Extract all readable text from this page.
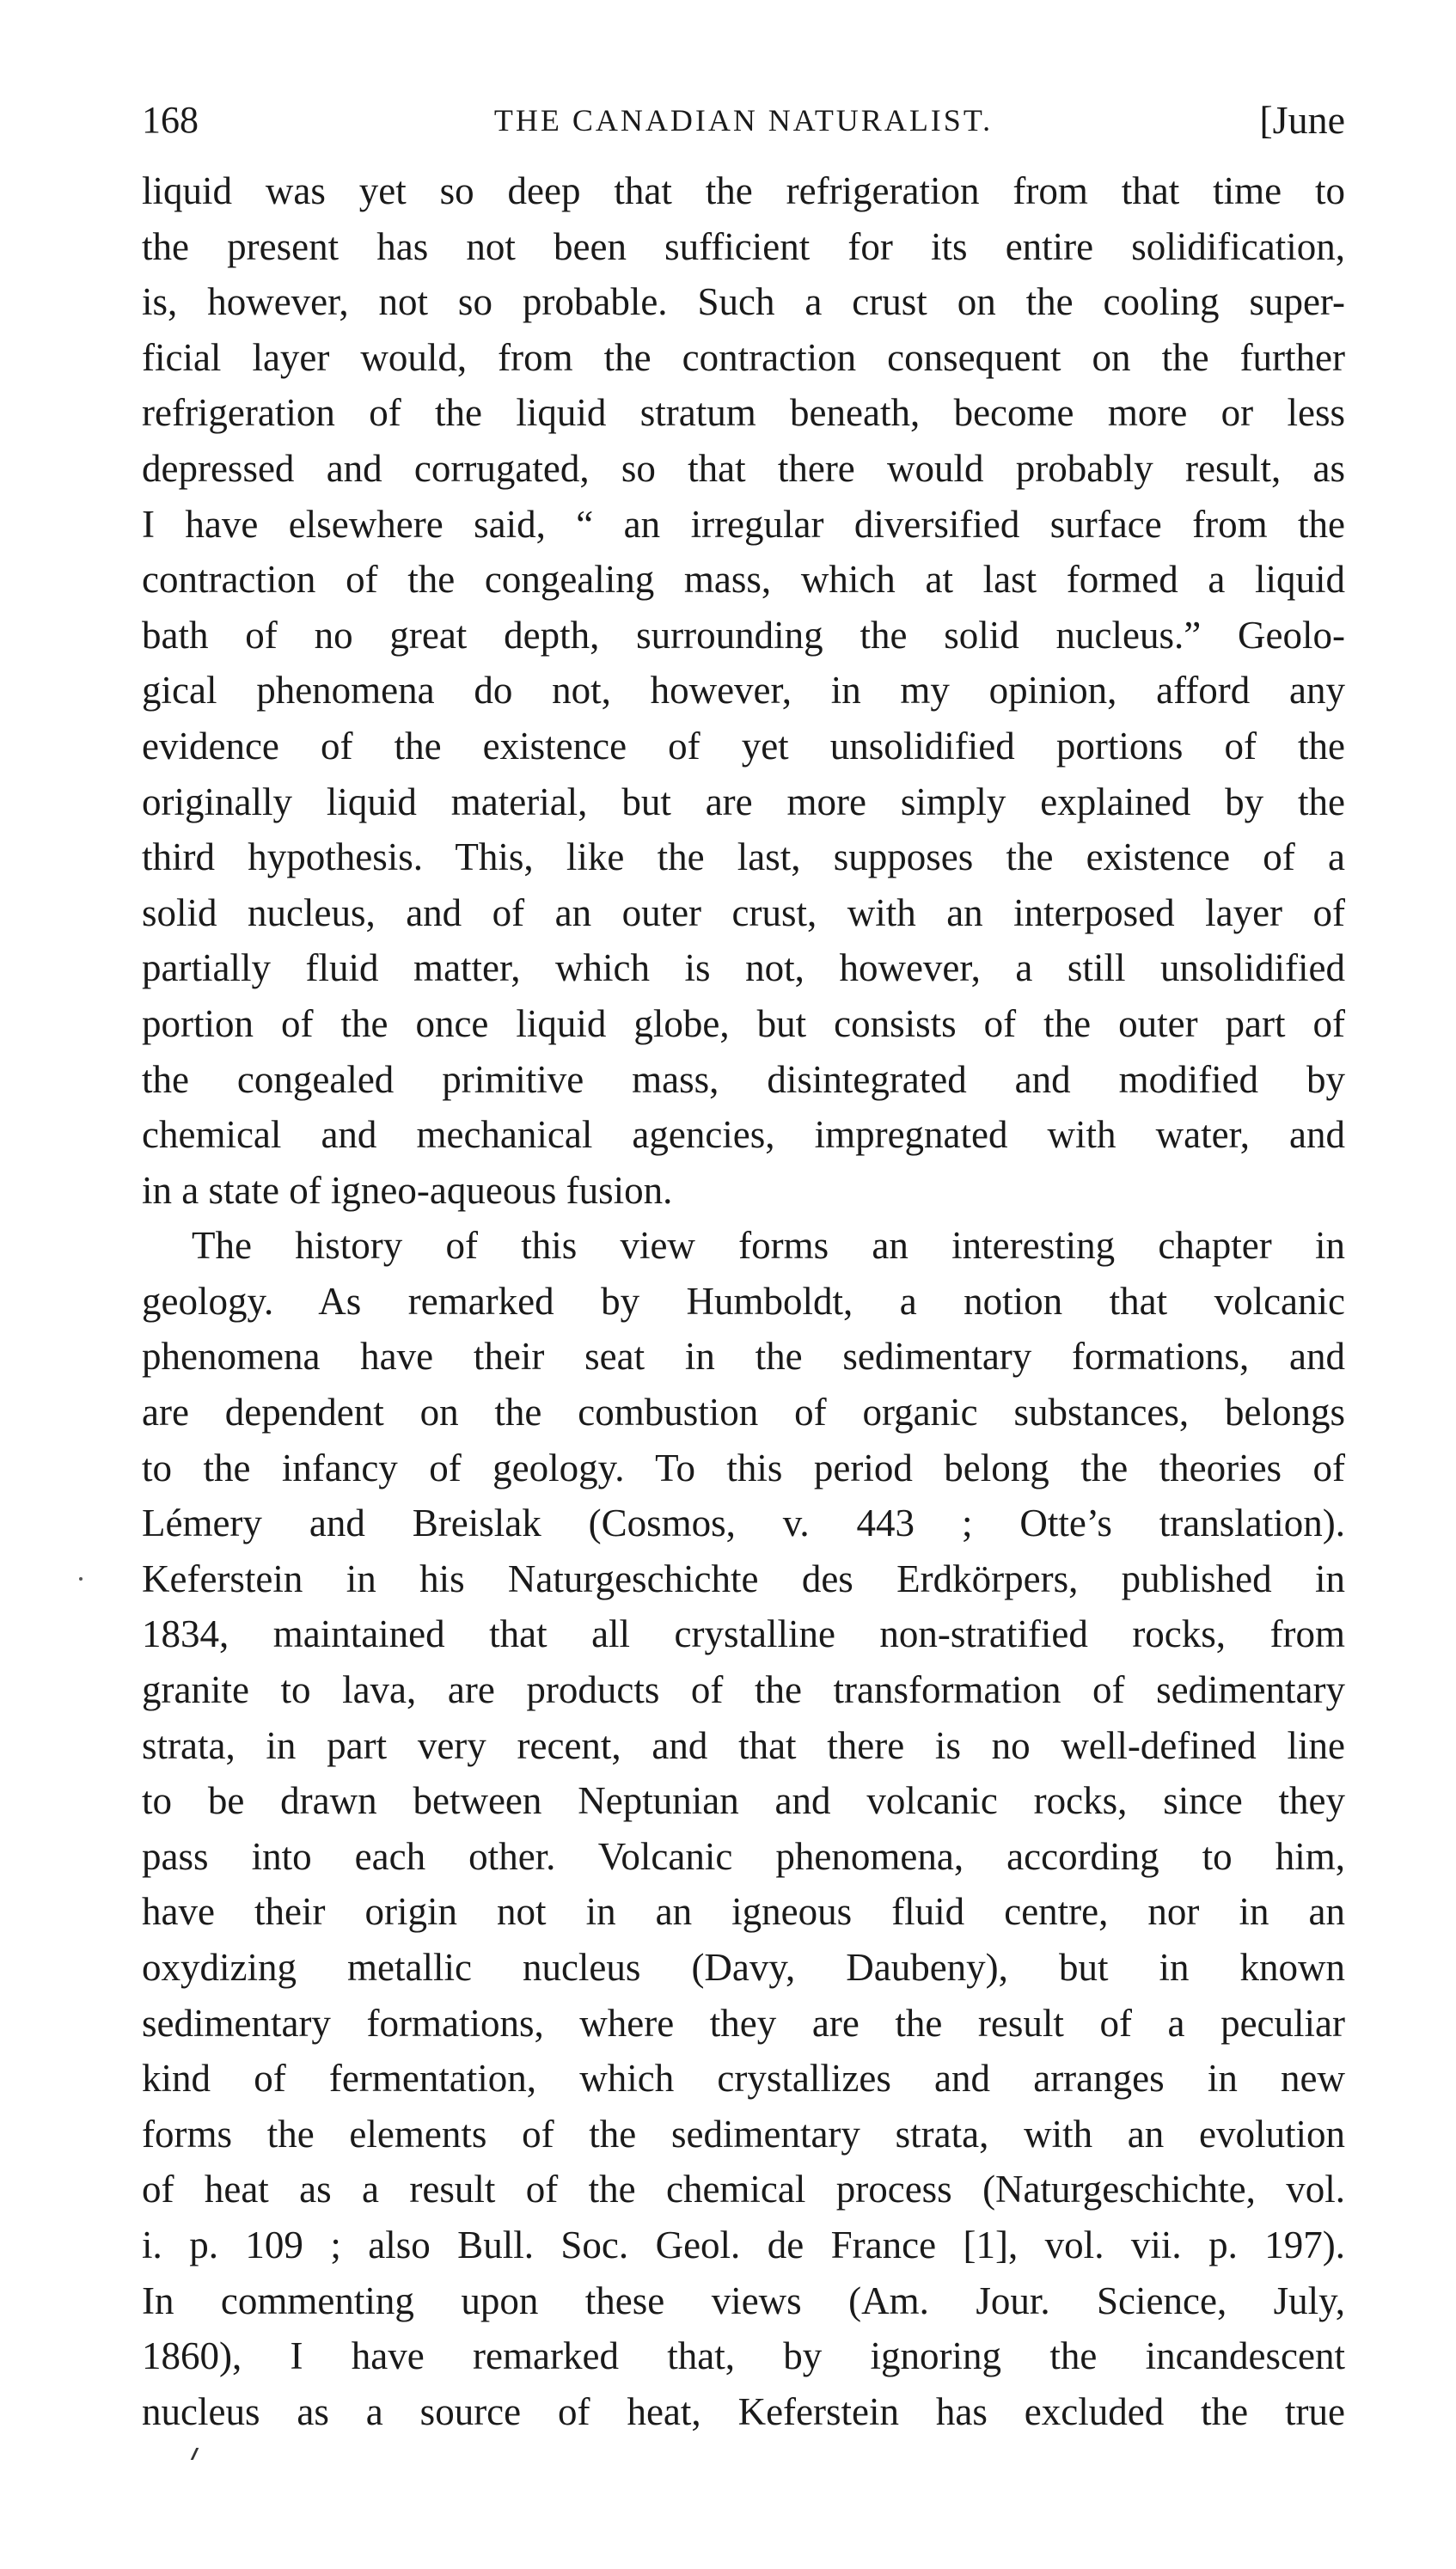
168	THE CANADIAN NATURALIST.	[June

liquid was yet so deep that the refrigeration from that time to
the present has not been sufficient for its entire solidification,
is, however, not so probable. Such a crust on the cooling super-
ficial layer would, from the contraction consequent on the further
refrigeration of the liquid stratum beneath, become more or less
depressed and corrugated, so that there would probably result, as
I have elsewhere said, “ an irregular diversified surface from the
contraction of the congealing mass, which at last formed a liquid
bath of no great depth, surrounding the solid nucleus.” Geolo-
gical phenomena do not, however, in my opinion, afford any
evidence of the existence of yet unsolidified portions of the
originally liquid material, but are more simply explained by the
third hypothesis. This, like the last, supposes the existence of a
solid nucleus, and of an outer crust, with an interposed layer of
partially fluid matter, which is not, however, a still unsolidified
portion of the once liquid globe, but consists of the outer part of
the congealed primitive mass, disintegrated and modified by
chemical and mechanical agencies, impregnated with water, and
in a state of igneo-aqueous fusion.

The history of this view forms an interesting chapter in
geology. As remarked by Humboldt, a notion that volcanic
phenomena have their seat in the sedimentary formations, and
are dependent on the combustion of organic substances, belongs
to the infancy of geology. To this period belong the theories of
Lémery and Breislak (Cosmos, v. 443 ; Otte’s translation).
Keferstein in his Naturgeschichte des Erdkörpers, published in
1834, maintained that all crystalline non-stratified rocks, from
granite to lava, are products of the transformation of sedimentary
strata, in part very recent, and that there is no well-defined line
to be drawn between Neptunian and volcanic rocks, since they
pass into each other. Volcanic phenomena, according to him,
have their origin not in an igneous fluid centre, nor in an
oxydizing metallic nucleus (Davy, Daubeny), but in known
sedimentary formations, where they are the result of a peculiar
kind of fermentation, which crystallizes and arranges in new
forms the elements of the sedimentary strata, with an evolution
of heat as a result of the chemical process (Naturgeschichte, vol.
i. p. 109 ; also Bull. Soc. Geol. de France [1], vol. vii. p. 197).
In commenting upon these views (Am. Jour. Science, July,
1860), I have remarked that, by ignoring the incandescent
nucleus as a source of heat, Keferstein has excluded the true
